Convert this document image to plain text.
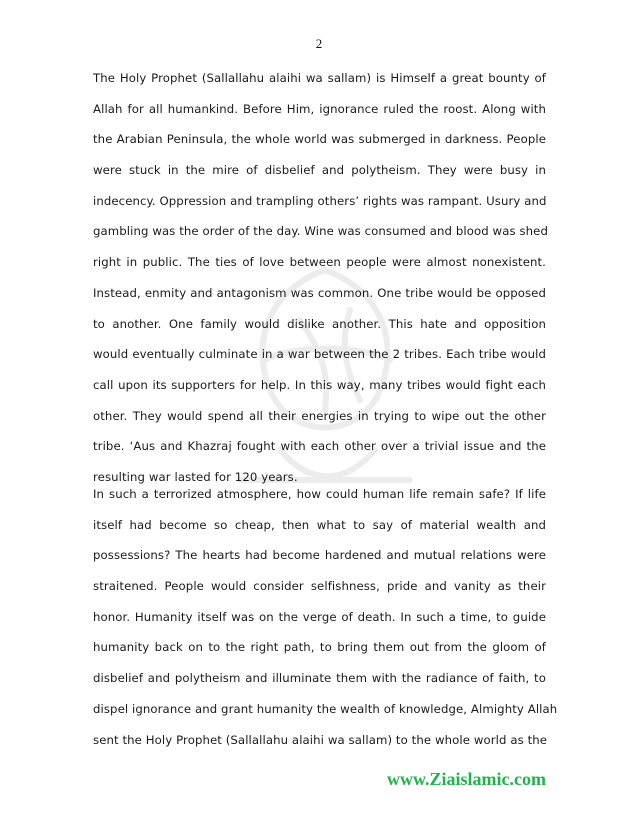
2
The Holy Prophet (Sallallahu alaihi wa sallam) is Himself a great bounty of
Allah for all humankind. Before Him, ignorance ruled the roost. Along with
the Arabian Peninsula, the whole world was submerged in darkness. People
were stuck in the mire of disbelief and polytheism. They were busy in
indecency. Oppression and trampling others’ rights was rampant. Usury and
gambling was the order of the day. Wine was consumed and blood was shed
right in public. The ties of love between people were almost nonexistent.
Instead, enmity and antagonism was common. One tribe would be opposed
to another. One family would dislike another. This hate and opposition
would eventually culminate in a war between the 2 tribes. Each tribe would
call upon its supporters for help. In this way, many tribes would fight each
other. They would spend all their energies in trying to wipe out the other
tribe. ‘Aus and Khazraj fought with each other over a trivial issue and the
resulting war lasted for 120 years.
In such a terrorized atmosphere, how could human life remain safe? If life
itself had become so cheap, then what to say of material wealth and
possessions? The hearts had become hardened and mutual relations were
straitened. People would consider selfishness, pride and vanity as their
honor. Humanity itself was on the verge of death. In such a time, to guide
humanity back on to the right path, to bring them out from the gloom of
disbelief and polytheism and illuminate them with the radiance of faith, to
dispel ignorance and grant humanity the wealth of knowledge, Almighty Allah
sent the Holy Prophet (Sallallahu alaihi wa sallam) to the whole world as the
www.Ziaislamic.com
